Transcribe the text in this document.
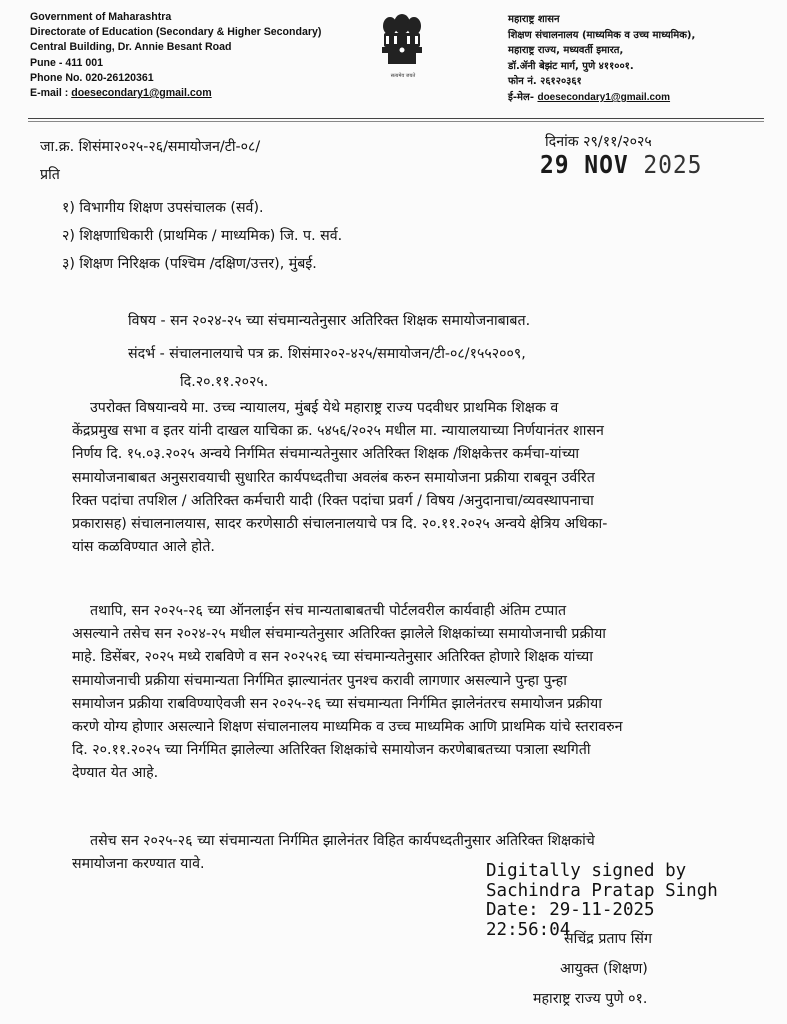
Government of Maharashtra
Directorate of Education (Secondary & Higher Secondary)
Central Building, Dr. Annie Besant Road
Pune - 411 001
Phone No. 020-26120361
E-mail : doesecondary1@gmail.com
सत्यमेव जयते
महाराष्ट्र शासन
शिक्षण संचालनालय (माध्यमिक व उच्च माध्यमिक),
महाराष्ट्र राज्य, मध्यवर्ती इमारत,
डॉ.ॲनी बेझंट मार्ग, पुणे ४११००१.
फोन नं. २६१२०३६१
ई-मेल- doesecondary1@gmail.com
जा.क्र. शिसंमा२०२५-२६/समायोजन/टी-०८/	दिनांक २९/११/२०२५
29 NOV 2025
प्रति
१) विभागीय शिक्षण उपसंचालक (सर्व).
२) शिक्षणाधिकारी (प्राथमिक / माध्यमिक) जि. प. सर्व.
३) शिक्षण निरिक्षक (पश्चिम /दक्षिण/उत्तर), मुंबई.
विषय - सन २०२४-२५ च्या संचमान्यतेनुसार अतिरिक्त शिक्षक समायोजनाबाबत.
संदर्भ - संचालनालयाचे पत्र क्र. शिसंमा२०२-४२५/समायोजन/टी-०८/१५५२००९,
दि.२०.११.२०२५.
उपरोक्त विषयान्वये मा. उच्च न्यायालय, मुंबई येथे महाराष्ट्र राज्य पदवीधर प्राथमिक शिक्षक व
केंद्रप्रमुख सभा व इतर यांनी दाखल याचिका क्र. ५४५६/२०२५ मधील मा. न्यायालयाच्या निर्णयानंतर शासन
निर्णय दि. १५.०३.२०२५ अन्वये निर्गमित संचमान्यतेनुसार अतिरिक्त शिक्षक /शिक्षकेत्तर कर्मचा-यांच्या
समायोजनाबाबत अनुसरावयाची सुधारित कार्यपध्दतीचा अवलंब करुन समायोजना प्रक्रीया राबवून उर्वरित
रिक्त पदांचा तपशिल / अतिरिक्त कर्मचारी यादी (रिक्त पदांचा प्रवर्ग / विषय /अनुदानाचा/व्यवस्थापनाचा
प्रकारासह) संचालनालयास, सादर करणेसाठी संचालनालयाचे पत्र दि. २०.११.२०२५ अन्वये क्षेत्रिय अधिका-
यांस कळविण्यात आले होते.
तथापि, सन २०२५-२६ च्या ऑनलाईन संच मान्यताबाबतची पोर्टलवरील कार्यवाही अंतिम टप्पात
असल्याने तसेच सन २०२४-२५ मधील संचमान्यतेनुसार अतिरिक्त झालेले शिक्षकांच्या समायोजनाची प्रक्रीया
माहे. डिसेंबर, २०२५ मध्ये राबविणे व सन २०२५२६ च्या संचमान्यतेनुसार अतिरिक्त होणारे शिक्षक यांच्या
समायोजनाची प्रक्रीया संचमान्यता निर्गमित झाल्यानंतर पुनश्च करावी लागणार असल्याने पुन्हा पुन्हा
समायोजन प्रक्रीया राबविण्याऐवजी सन २०२५-२६ च्या संचमान्यता निर्गमित झालेनंतरच समायोजन प्रक्रीया
करणे योग्य होणार असल्याने शिक्षण संचालनालय माध्यमिक व उच्च माध्यमिक आणि प्राथमिक यांचे स्तरावरुन
दि. २०.११.२०२५ च्या निर्गमित झालेल्या अतिरिक्त शिक्षकांचे समायोजन करणेबाबतच्या पत्राला स्थगिती
देण्यात येत आहे.
तसेच सन २०२५-२६ च्या संचमान्यता निर्गमित झालेनंतर विहित कार्यपध्दतीनुसार अतिरिक्त शिक्षकांचे
समायोजना करण्यात यावे.	Digitally signed by
Sachindra Pratap Singh
Date: 29-11-2025
22:56:04
सचिंद्र प्रताप सिंग
आयुक्त (शिक्षण)
महाराष्ट्र राज्य पुणे ०१.
